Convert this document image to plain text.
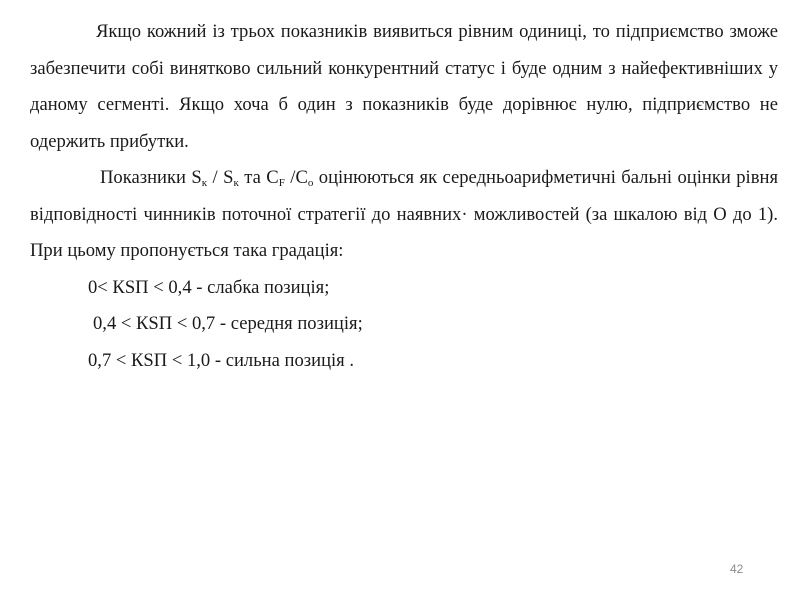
Якщо кожний із трьох показників виявиться рівним одиниці, то підприємство зможе забезпечити собі винятково сильний конкурентний статус і буде одним з найефективніших у даному сегменті. Якщо хоча б один з показників буде дорівнює нулю, підприємство не одержить прибутки.

Показники $S_к / S_к$ та $C_F$ $/C_o$ оцінюються як середньоарифметичні бальні оцінки рівня відповідності чинників поточної стратегії до наявних· можливостей (за шкалою від О до 1). При цьому пропонується така градація:

0< КSП < 0,4 - слабка позиція;

0,4 < КSП < 0,7 - середня позиція;

0,7 < КSП < 1,0 - сильна позиція .

42
